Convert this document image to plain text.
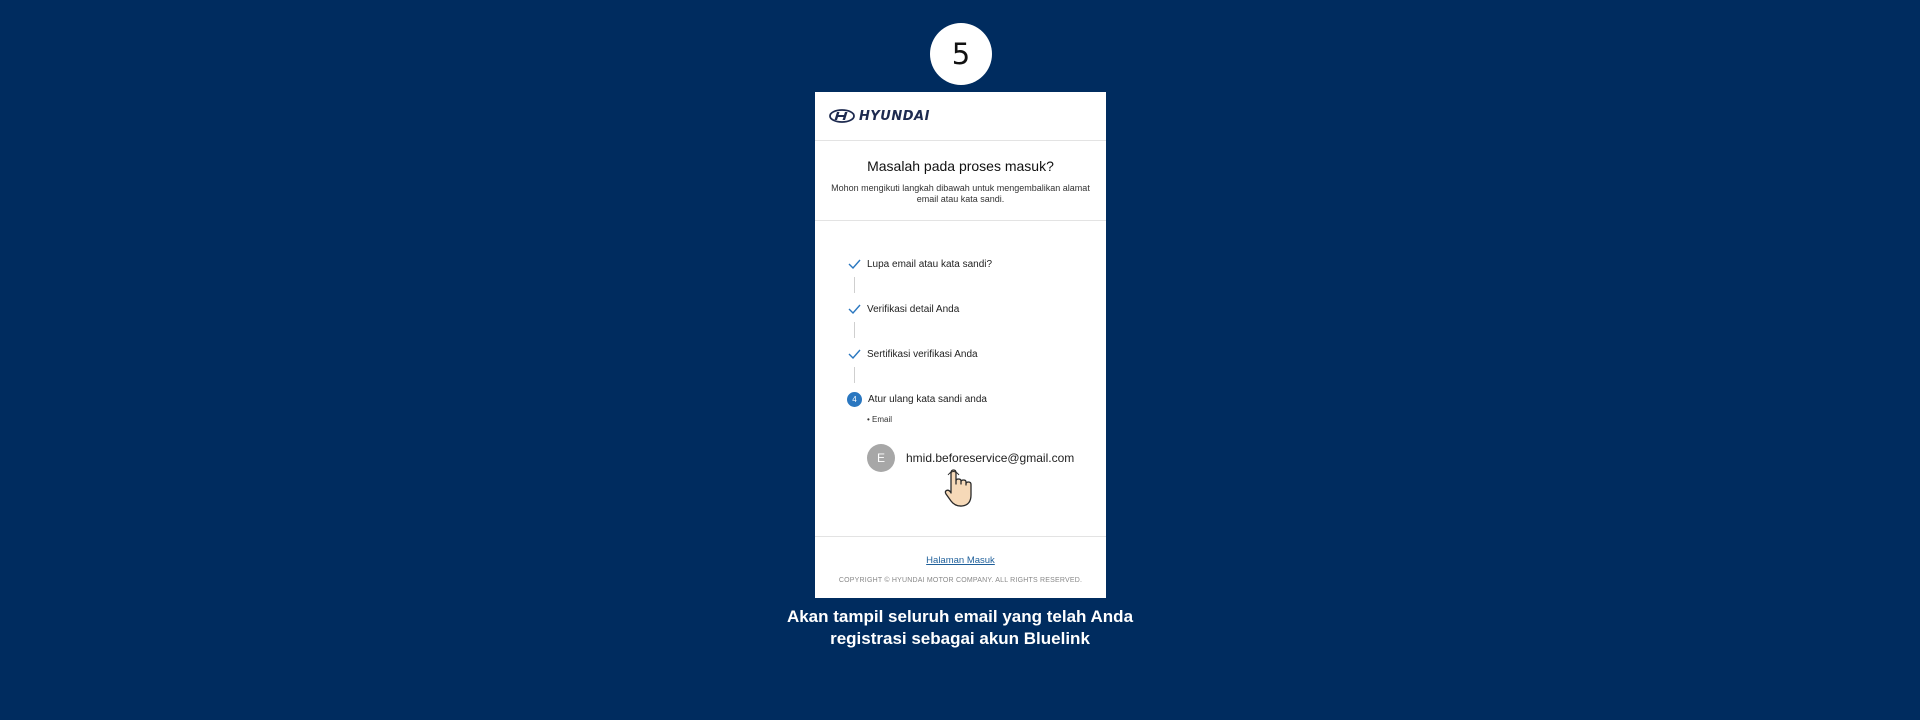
5
HYUNDAI
Masalah pada proses masuk?
Mohon mengikuti langkah dibawah untuk mengembalikan alamat email atau kata sandi.
Lupa email atau kata sandi?
Verifikasi detail Anda
Sertifikasi verifikasi Anda
4	Atur ulang kata sandi anda
• Email
E	hmid.beforeservice@gmail.com
Halaman Masuk
COPYRIGHT © HYUNDAI MOTOR COMPANY. ALL RIGHTS RESERVED.
Akan tampil seluruh email yang telah Anda registrasi sebagai akun Bluelink
